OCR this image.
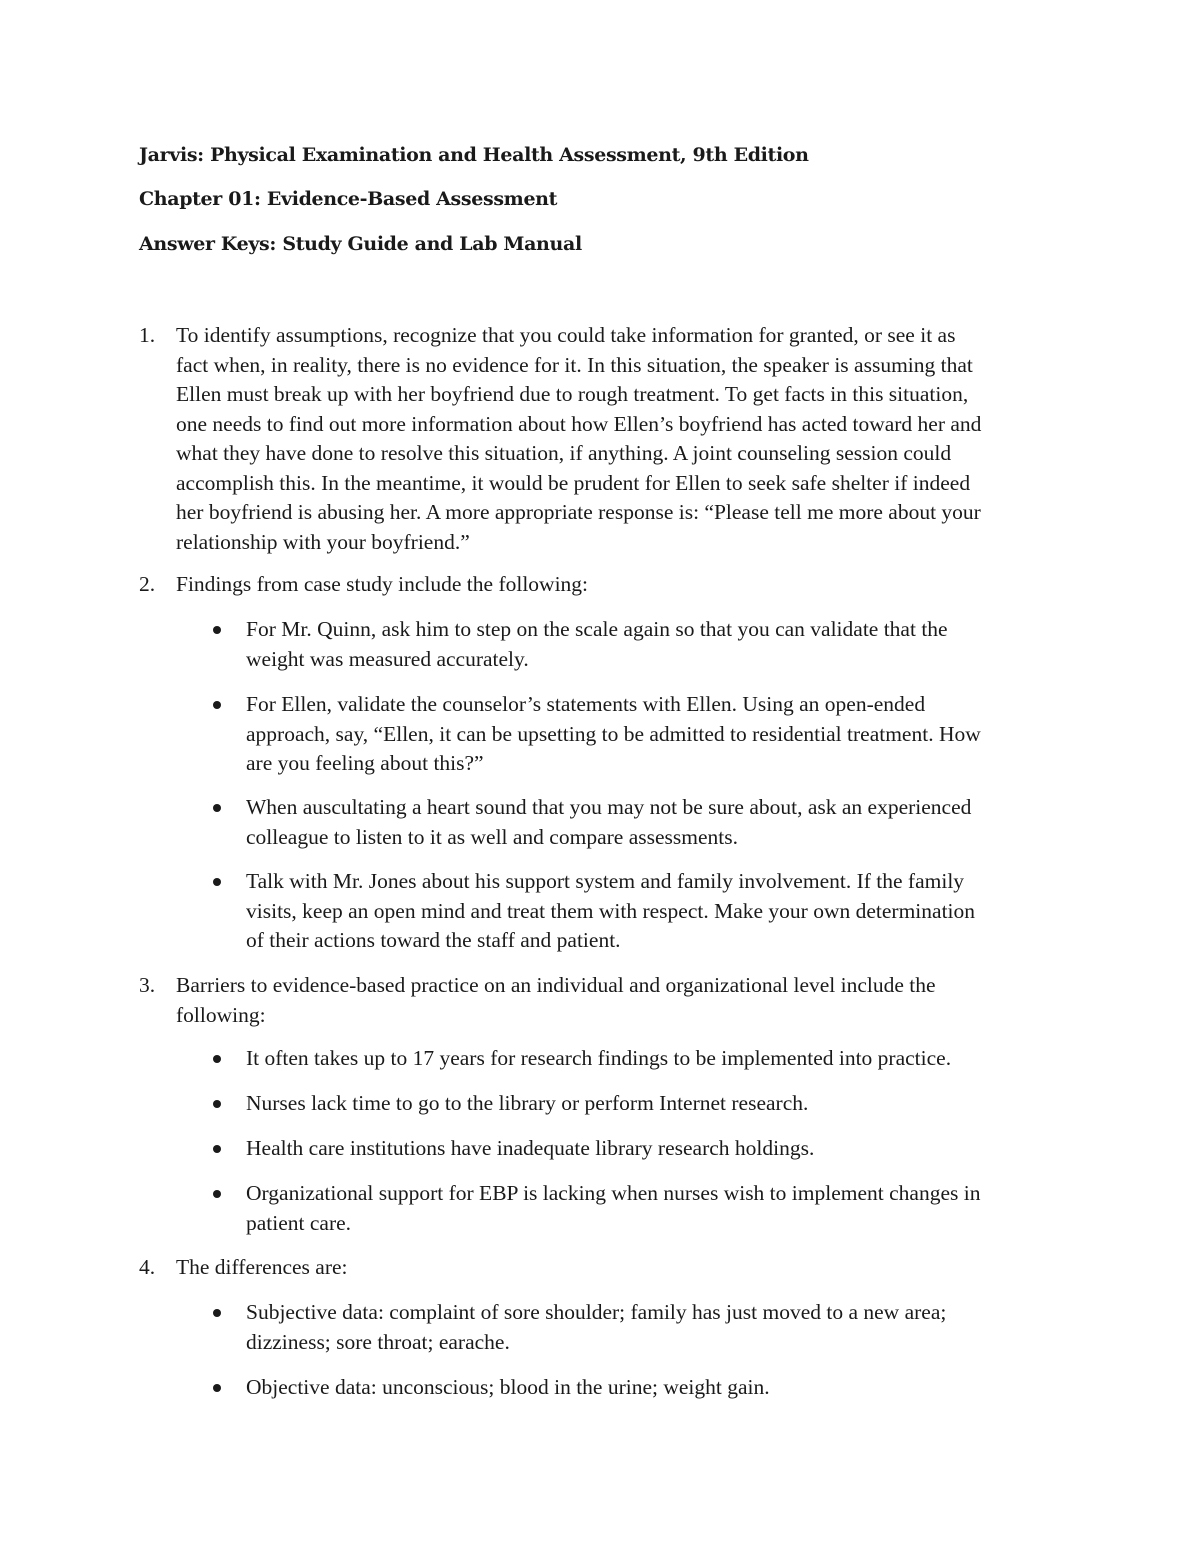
Jarvis: Physical Examination and Health Assessment, 9th Edition
Chapter 01: Evidence-Based Assessment
Answer Keys: Study Guide and Lab Manual
1. To identify assumptions, recognize that you could take information for granted, or see it as
fact when, in reality, there is no evidence for it. In this situation, the speaker is assuming that
Ellen must break up with her boyfriend due to rough treatment. To get facts in this situation,
one needs to find out more information about how Ellen’s boyfriend has acted toward her and
what they have done to resolve this situation, if anything. A joint counseling session could
accomplish this. In the meantime, it would be prudent for Ellen to seek safe shelter if indeed
her boyfriend is abusing her. A more appropriate response is: “Please tell me more about your
relationship with your boyfriend.”
2. Findings from case study include the following:
For Mr. Quinn, ask him to step on the scale again so that you can validate that the
weight was measured accurately.
For Ellen, validate the counselor’s statements with Ellen. Using an open-ended
approach, say, “Ellen, it can be upsetting to be admitted to residential treatment. How
are you feeling about this?”
When auscultating a heart sound that you may not be sure about, ask an experienced
colleague to listen to it as well and compare assessments.
Talk with Mr. Jones about his support system and family involvement. If the family
visits, keep an open mind and treat them with respect. Make your own determination
of their actions toward the staff and patient.
3. Barriers to evidence-based practice on an individual and organizational level include the
following:
It often takes up to 17 years for research findings to be implemented into practice.
Nurses lack time to go to the library or perform Internet research.
Health care institutions have inadequate library research holdings.
Organizational support for EBP is lacking when nurses wish to implement changes in
patient care.
4. The differences are:
Subjective data: complaint of sore shoulder; family has just moved to a new area;
dizziness; sore throat; earache.
Objective data: unconscious; blood in the urine; weight gain.
